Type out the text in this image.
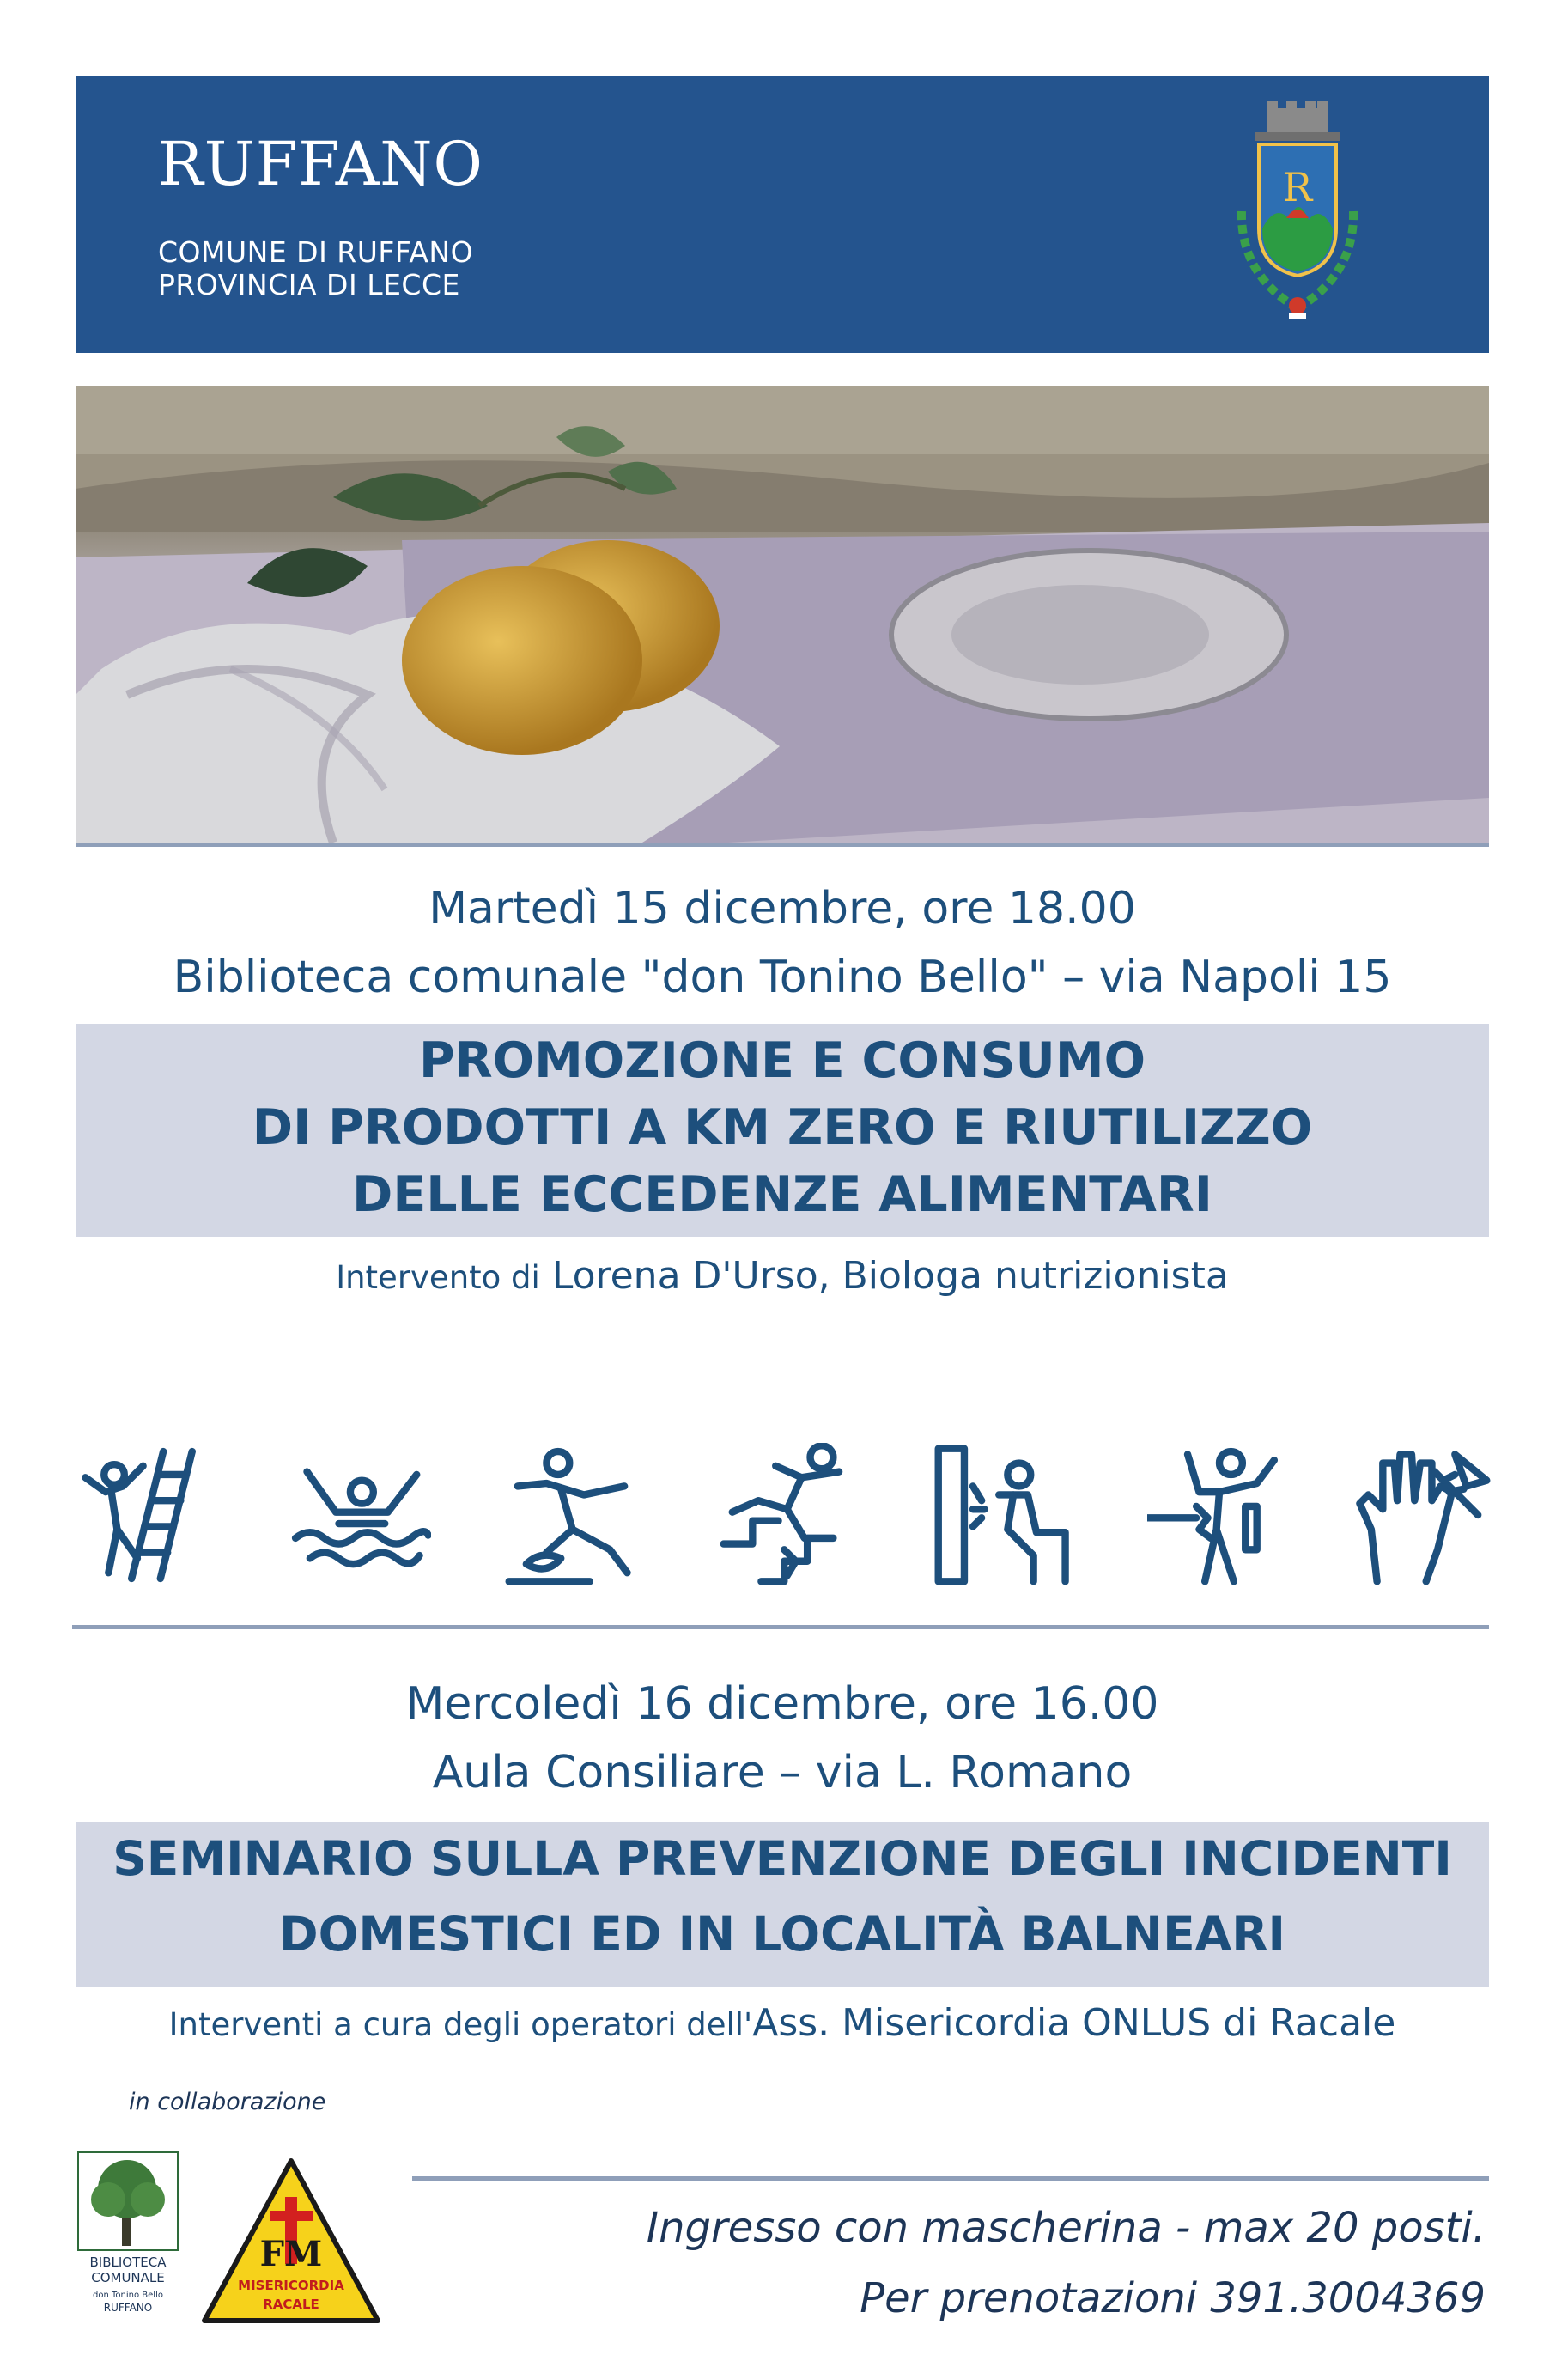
RUFFANO
COMUNE DI RUFFANO
PROVINCIA DI LECCE
R
Martedì 15 dicembre, ore 18.00
Biblioteca comunale "don Tonino Bello" – via Napoli 15
PROMOZIONE E CONSUMO
DI PRODOTTI A KM ZERO E RIUTILIZZO
DELLE ECCEDENZE ALIMENTARI
Intervento di Lorena D'Urso, Biologa nutrizionista
Mercoledì 16 dicembre, ore 16.00
Aula Consiliare – via L. Romano
SEMINARIO SULLA PREVENZIONE DEGLI INCIDENTI
DOMESTICI ED IN LOCALITÀ BALNEARI
Interventi a cura degli operatori dell'Ass. Misericordia ONLUS di Racale
in collaborazione
BIBLIOTECA
COMUNALE
don Tonino Bello
RUFFANO
FM
MISERICORDIA
RACALE
Ingresso con mascherina - max 20 posti.
Per prenotazioni 391.3004369
